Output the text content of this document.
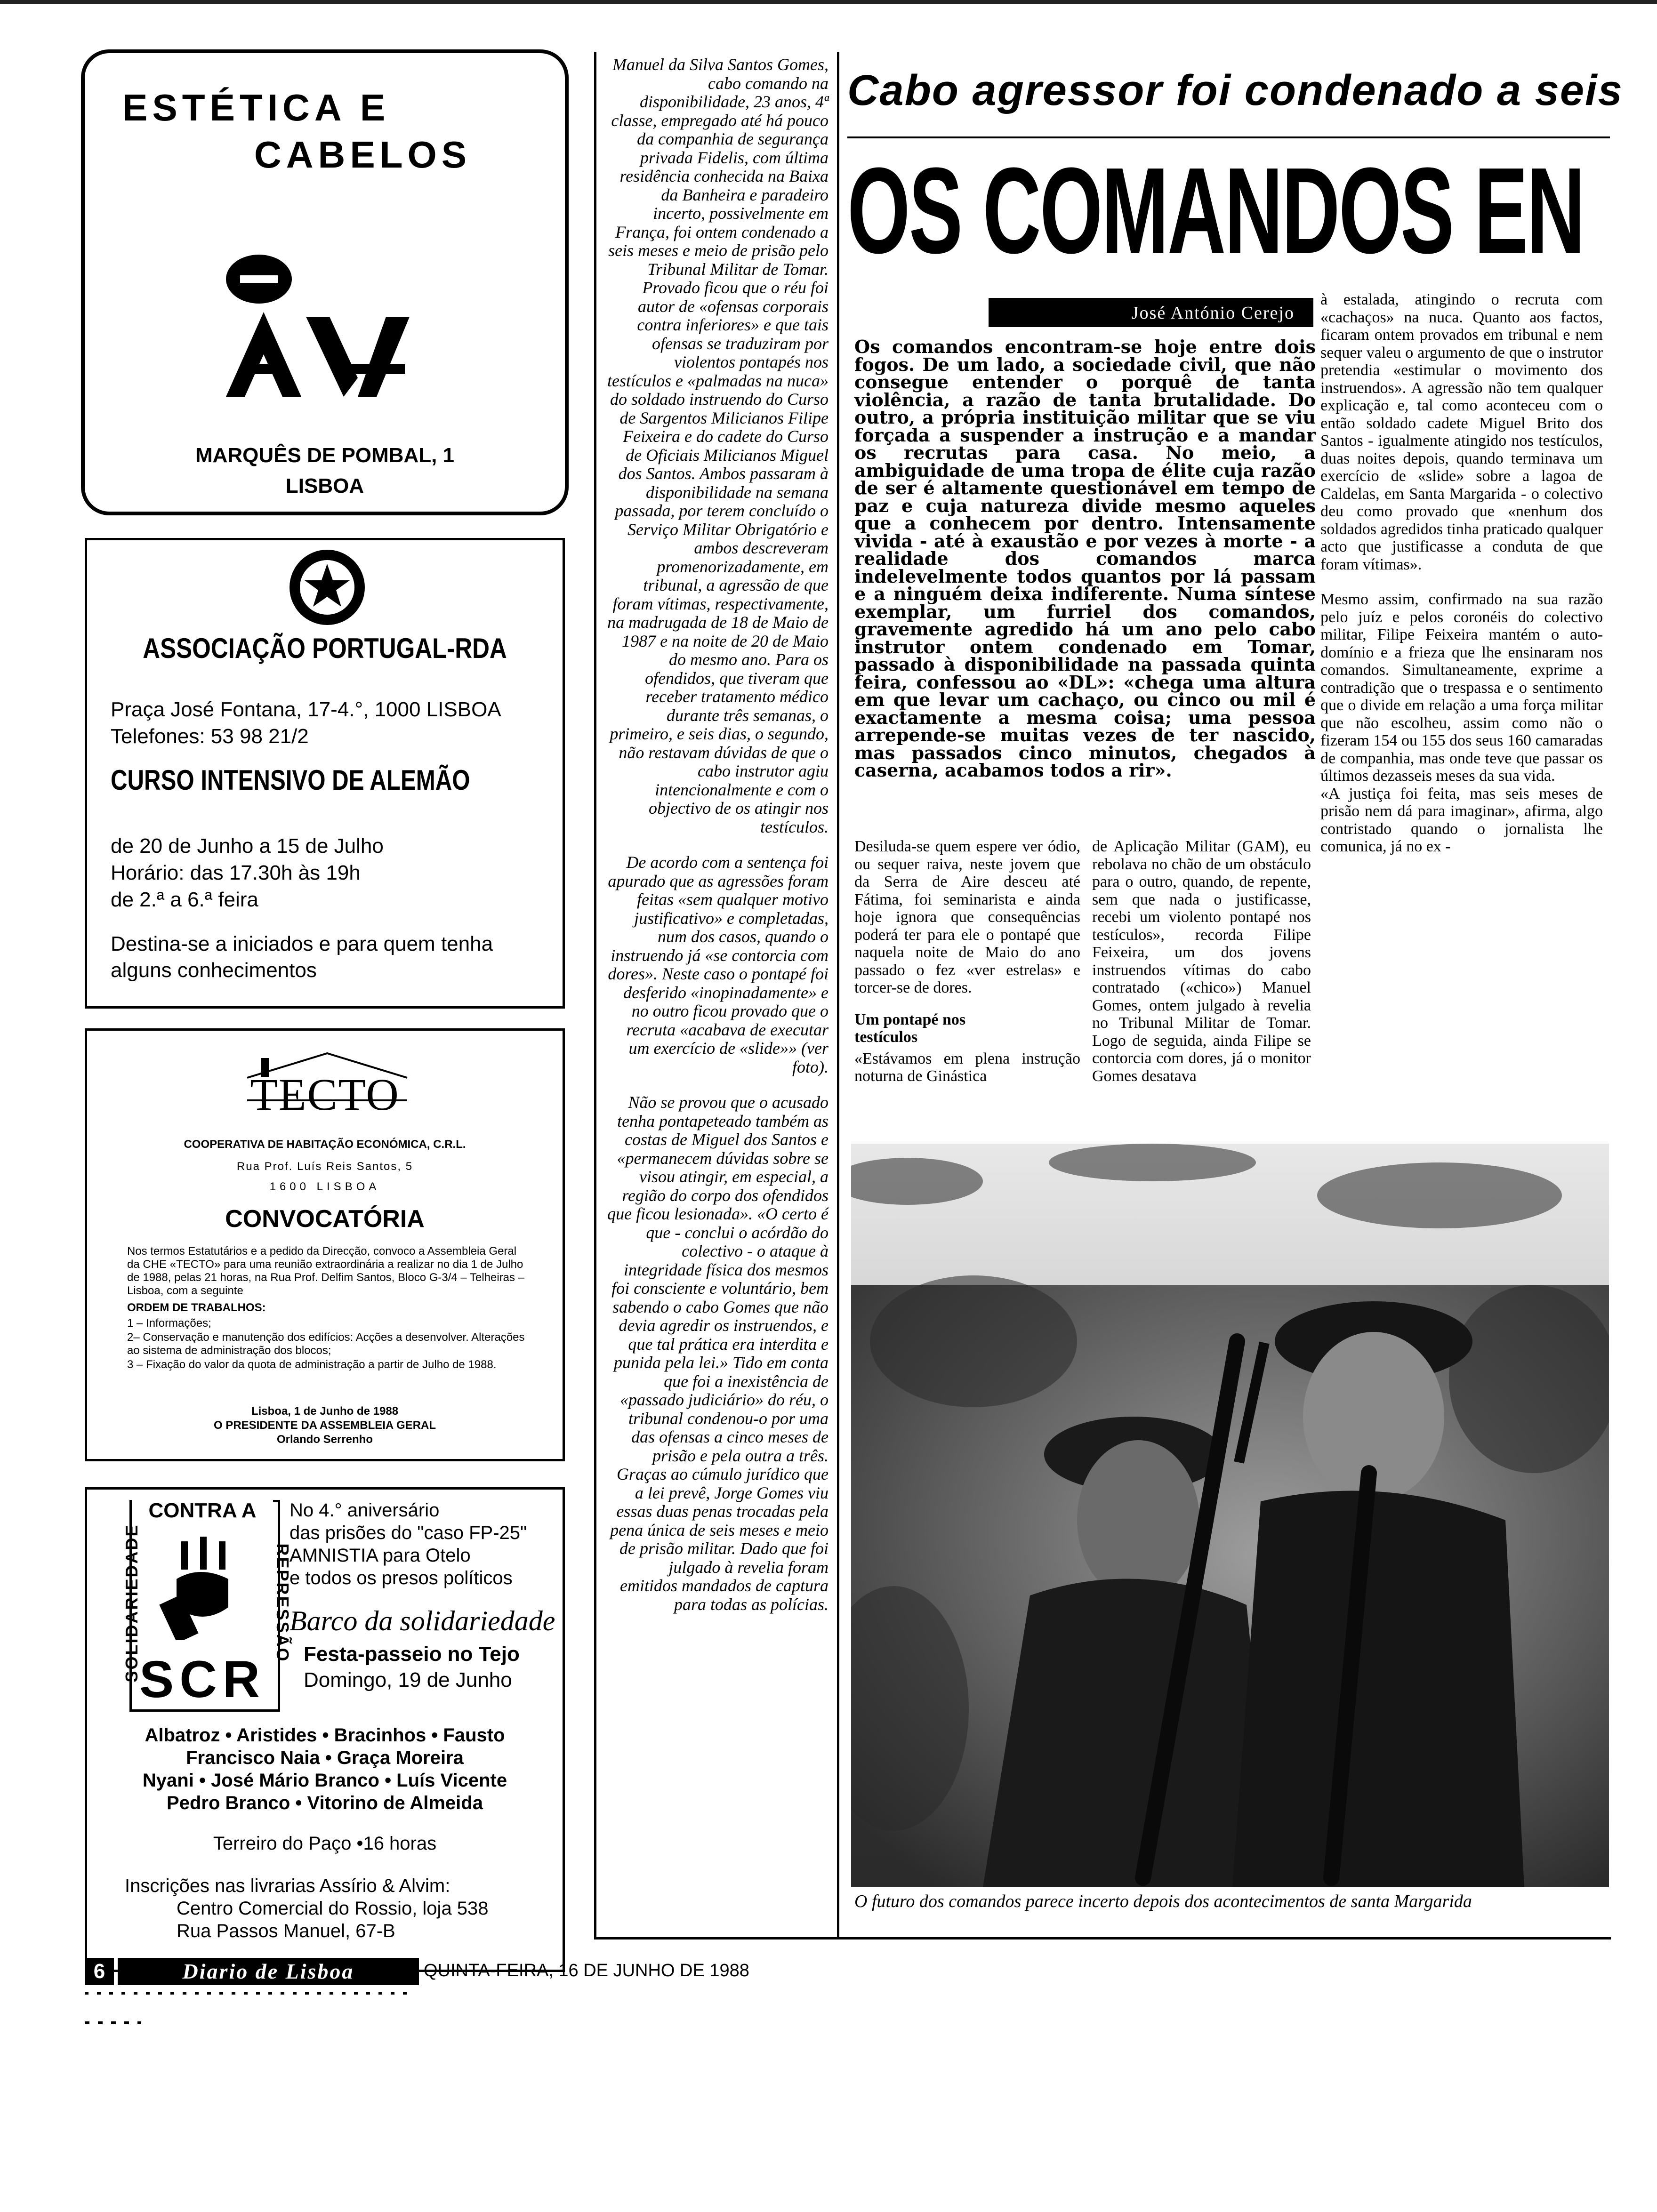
ESTÉTICA E
CABELOS
MARQUÊS DE POMBAL, 1
LISBOA
ASSOCIAÇÃO PORTUGAL-RDA
Praça José Fontana, 17-4.°, 1000 LISBOA
Telefones: 53 98 21/2
CURSO INTENSIVO DE ALEMÃO
de 20 de Junho a 15 de Julho
Horário: das 17.30h às 19h
de 2.ª a 6.ª feira
Destina-se a iniciados e para quem tenha alguns conhecimentos
TECTO
COOPERATIVA DE HABITAÇÃO ECONÓMICA, C.R.L.
Rua Prof. Luís Reis Santos, 5
1600 LISBOA
CONVOCATÓRIA
Nos termos Estatutários e a pedido da Direcção, convoco a Assembleia Geral da CHE «TECTO» para uma reunião extraordinária a realizar no dia 1 de Julho de 1988, pelas 21 horas, na Rua Prof. Delfim Santos, Bloco G-3/4 – Telheiras – Lisboa, com a seguinte
ORDEM DE TRABALHOS:
1 – Informações;
2– Conservação e manutenção dos edifícios: Acções a desenvolver. Alterações ao sistema de administração dos blocos;
3 – Fixação do valor da quota de administração a partir de Julho de 1988.
Lisboa, 1 de Junho de 1988
O PRESIDENTE DA ASSEMBLEIA GERAL
Orlando Serrenho
CONTRA A
SOLIDARIEDADE	REPRESSÃO
SCR
No 4.° aniversário
das prisões do "caso FP-25"
AMNISTIA para Otelo
e todos os presos políticos
Barco da solidariedade
Festa-passeio no Tejo
Domingo, 19 de Junho
Albatroz • Aristides • Bracinhos • Fausto
Francisco Naia • Graça Moreira
Nyani • José Mário Branco • Luís Vicente
Pedro Branco • Vitorino de Almeida
Terreiro do Paço •16 horas
Inscrições nas livrarias Assírio & Alvim:
Centro Comercial do Rossio, loja 538
Rua Passos Manuel, 67-B

Manuel da Silva Santos Gomes, cabo comando na disponibilidade, 23 anos, 4ª classe, empregado até há pouco da companhia de segurança privada Fidelis, com última residência conhecida na Baixa da Banheira e paradeiro incerto, possivelmente em França, foi ontem condenado a seis meses e meio de prisão pelo Tribunal Militar de Tomar. Provado ficou que o réu foi autor de «ofensas corporais contra inferiores» e que tais ofensas se traduziram por violentos pontapés nos testículos e «palmadas na nuca» do soldado instruendo do Curso de Sargentos Milicianos Filipe Feixeira e do cadete do Curso de Oficiais Milicianos Miguel dos Santos. Ambos passaram à disponibilidade na semana passada, por terem concluído o Serviço Militar Obrigatório e ambos descreveram promenorizadamente, em tribunal, a agressão de que foram vítimas, respectivamente, na madrugada de 18 de Maio de 1987 e na noite de 20 de Maio do mesmo ano. Para os ofendidos, que tiveram que receber tratamento médico durante três semanas, o primeiro, e seis dias, o segundo, não restavam dúvidas de que o cabo instrutor agiu intencionalmente e com o objectivo de os atingir nos testículos.

De acordo com a sentença foi apurado que as agressões foram feitas «sem qualquer motivo justificativo» e completadas, num dos casos, quando o instruendo já «se contorcia com dores». Neste caso o pontapé foi desferido «inopinadamente» e no outro ficou provado que o recruta «acabava de executar um exercício de «slide»» (ver foto).

Não se provou que o acusado tenha pontapeteado também as costas de Miguel dos Santos e «permanecem dúvidas sobre se visou atingir, em especial, a região do corpo dos ofendidos que ficou lesionada». «O certo é que - conclui o acórdão do colectivo - o ataque à integridade física dos mesmos foi consciente e voluntário, bem sabendo o cabo Gomes que não devia agredir os instruendos, e que tal prática era interdita e punida pela lei.» Tido em conta que foi a inexistência de «passado judiciário» do réu, o tribunal condenou-o por uma das ofensas a cinco meses de prisão e pela outra a três. Graças ao cúmulo jurídico que a lei prevê, Jorge Gomes viu essas duas penas trocadas pela pena única de seis meses e meio de prisão militar. Dado que foi julgado à revelia foram emitidos mandados de captura para todas as polícias.

Cabo agressor foi condenado a seis
OS COMANDOS EN
José António Cerejo

Os comandos encontram-se hoje entre dois fogos. De um lado, a sociedade civil, que não consegue entender o porquê de tanta violência, a razão de tanta brutalidade. Do outro, a própria instituição militar que se viu forçada a suspender a instrução e a mandar os recrutas para casa. No meio, a ambiguidade de uma tropa de élite cuja razão de ser é altamente questionável em tempo de paz e cuja natureza divide mesmo aqueles que a conhecem por dentro. Intensamente vivida - até à exaustão e por vezes à morte - a realidade dos comandos marca indelevelmente todos quantos por lá passam e a ninguém deixa indiferente. Numa síntese exemplar, um furriel dos comandos, gravemente agredido há um ano pelo cabo instrutor ontem condenado em Tomar, passado à disponibilidade na passada quinta feira, confessou ao «DL»: «chega uma altura em que levar um cachaço, ou cinco ou mil é exactamente a mesma coisa; uma pessoa arrepende-se muitas vezes de ter nascido, mas passados cinco minutos, chegados à caserna, acabamos todos a rir».

Desiluda-se quem espere ver ódio, ou sequer raiva, neste jovem que da Serra de Aire desceu até Fátima, foi seminarista e ainda hoje ignora que consequências poderá ter para ele o pontapé que naquela noite de Maio do ano passado o fez «ver estrelas» e torcer-se de dores.

Um pontapé nos testículos

«Estávamos em plena instrução noturna de Ginástica

de Aplicação Militar (GAM), eu rebolava no chão de um obstáculo para o outro, quando, de repente, sem que nada o justificasse, recebi um violento pontapé nos testículos», recorda Filipe Feixeira, um dos jovens instruendos vítimas do cabo contratado («chico») Manuel Gomes, ontem julgado à revelia no Tribunal Militar de Tomar. Logo de seguida, ainda Filipe se contorcia com dores, já o monitor Gomes desatava

à estalada, atingindo o recruta com «cachaços» na nuca. Quanto aos factos, ficaram ontem provados em tribunal e nem sequer valeu o argumento de que o instrutor pretendia «estimular o movimento dos instruendos». A agressão não tem qualquer explicação e, tal como aconteceu com o então soldado cadete Miguel Brito dos Santos - igualmente atingido nos testículos, duas noites depois, quando terminava um exercício de «slide» sobre a lagoa de Caldelas, em Santa Margarida - o colectivo deu como provado que «nenhum dos soldados agredidos tinha praticado qualquer acto que justificasse a conduta de que foram vítimas».

Mesmo assim, confirmado na sua razão pelo juíz e pelos coronéis do colectivo militar, Filipe Feixeira mantém o auto-domínio e a frieza que lhe ensinaram nos comandos. Simultaneamente, exprime a contradição que o trespassa e o sentimento que o divide em relação a uma força militar que não escolheu, assim como não o fizeram 154 ou 155 dos seus 160 camaradas de companhia, mas onde teve que passar os últimos dezasseis meses da sua vida.

«A justiça foi feita, mas seis meses de prisão nem dá para imaginar», afirma, algo contristado quando o jornalista lhe comunica, já no ex -

O futuro dos comandos parece incerto depois dos acontecimentos de santa Margarida
6	Diario de Lisboa	QUINTA-FEIRA, 16 DE JUNHO DE 1988
